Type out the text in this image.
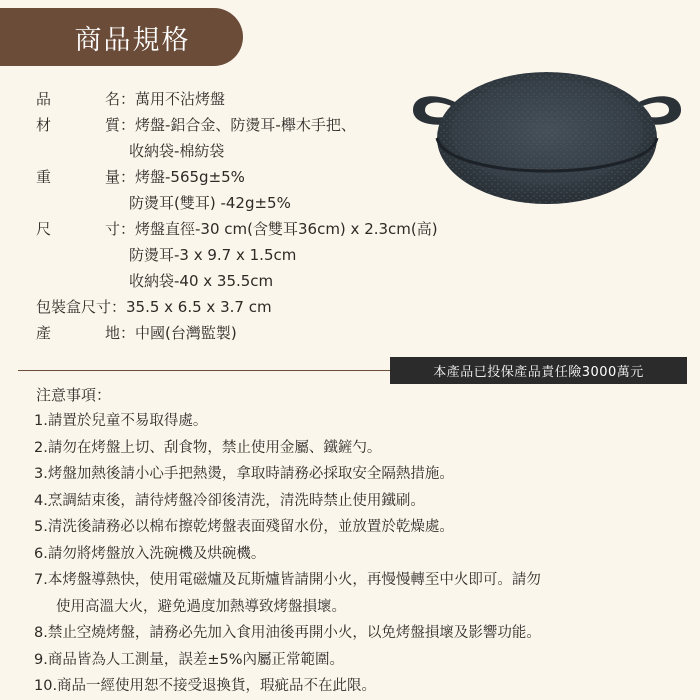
商品規格
品	名 ：萬用不沾烤盤
材	質 ：烤盤-鋁合金、防燙耳-櫸木手把、
收納袋-棉紡袋
重	量 ：烤盤-565g±5%
防燙耳(雙耳) -42g±5%
尺	寸 ：烤盤直徑-30 cm(含雙耳36cm) x 2.3cm(高)
防燙耳-3 x 9.7 x 1.5cm
收納袋-40 x 35.5cm
包裝盒尺寸：35.5 x 6.5 x 3.7 cm
產	地 ：中國(台灣監製)
本產品已投保產品責任險3000萬元
注意事項：
1.請置於兒童不易取得處。
2.請勿在烤盤上切、刮食物，禁止使用金屬、鐵鏟勺。
3.烤盤加熱後請小心手把熱燙，拿取時請務必採取安全隔熱措施。
4.烹調結束後，請待烤盤冷卻後清洗，清洗時禁止使用鐵刷。
5.清洗後請務必以棉布擦乾烤盤表面殘留水份，並放置於乾燥處。
6.請勿將烤盤放入洗碗機及烘碗機。
7.本烤盤導熱快，使用電磁爐及瓦斯爐皆請開小火，再慢慢轉至中火即可。請勿
使用高溫大火，避免過度加熱導致烤盤損壞。
8.禁止空燒烤盤，請務必先加入食用油後再開小火，以免烤盤損壞及影響功能。
9.商品皆為人工測量，誤差±5%內屬正常範圍。
10.商品一經使用恕不接受退換貨，瑕疵品不在此限。
